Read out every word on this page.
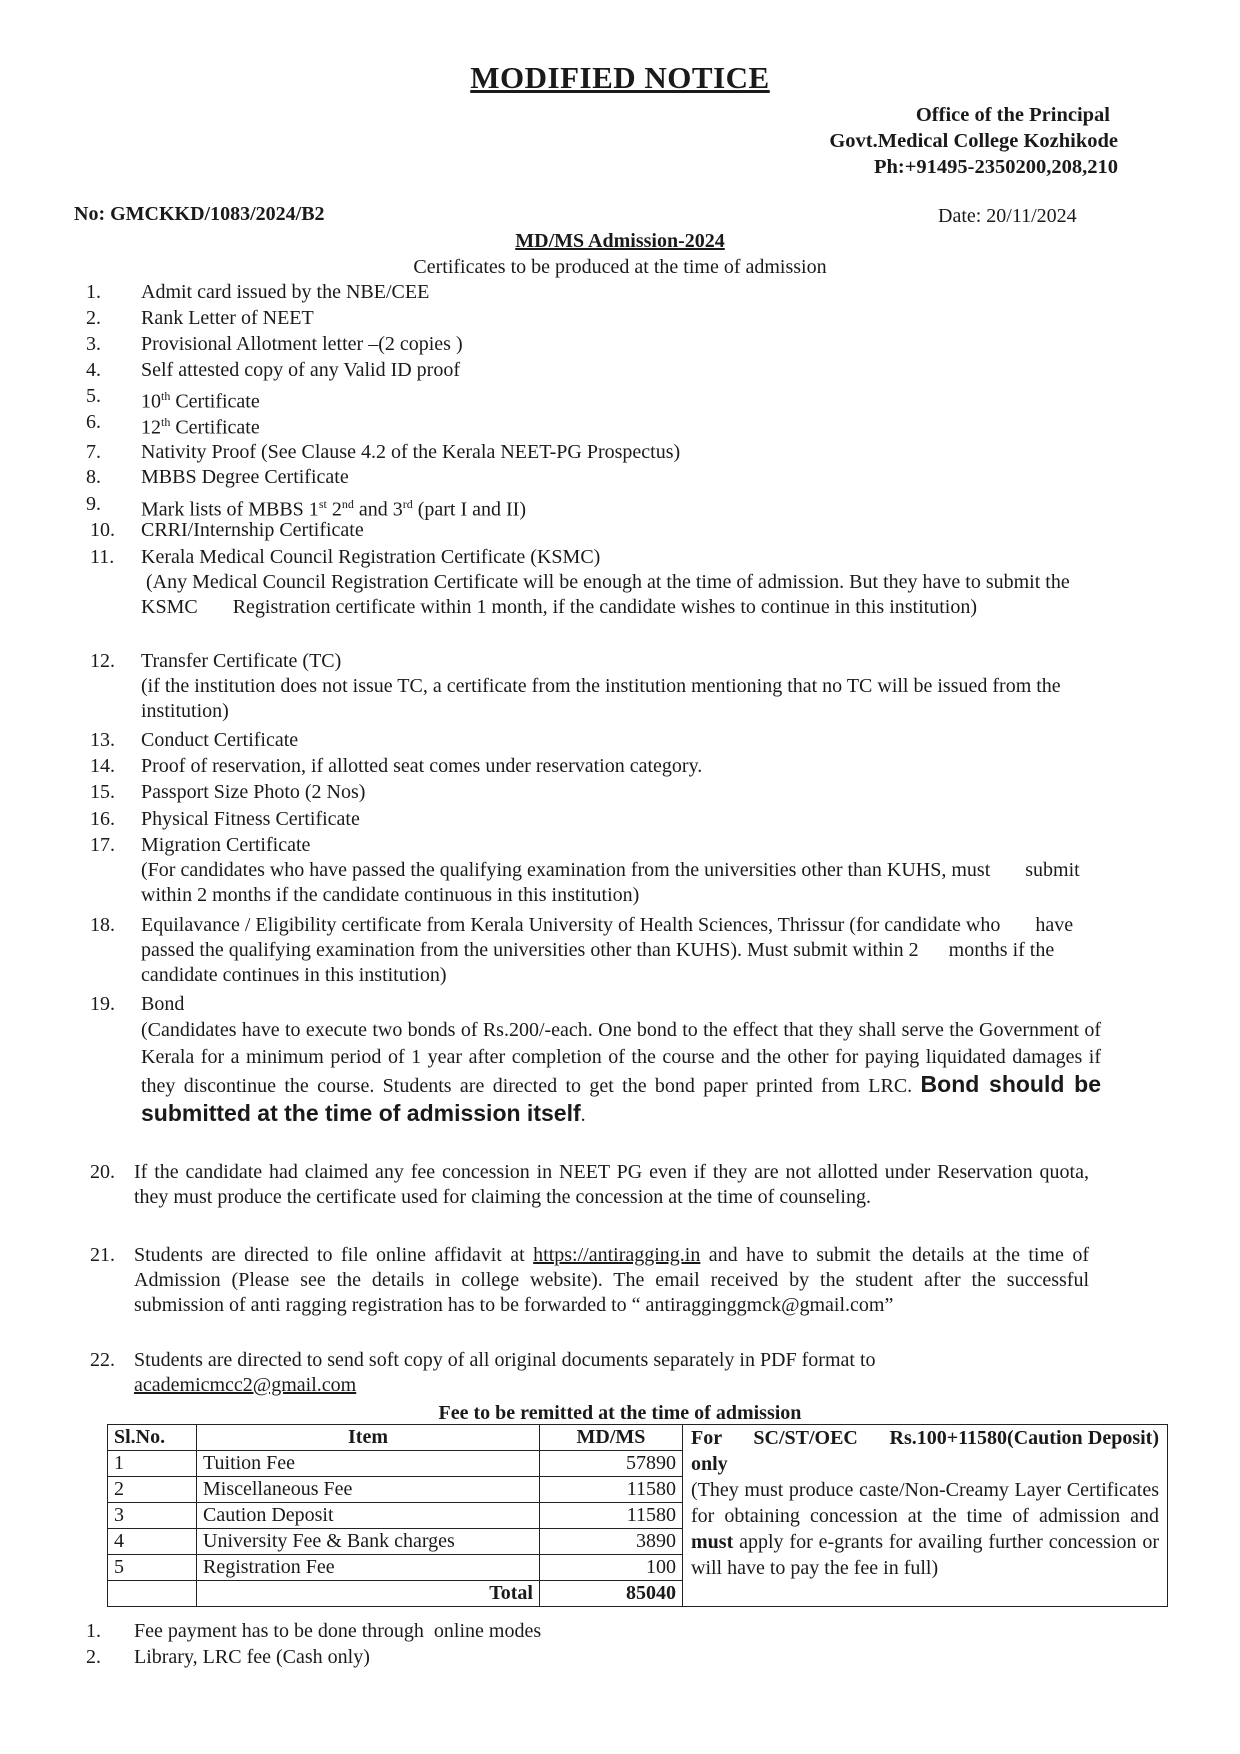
MODIFIED NOTICE
Office of the Principal
Govt.Medical College Kozhikode
Ph:+91495-2350200,208,210
No: GMCKKD/1083/2024/B2	Date: 20/11/2024
MD/MS Admission-2024
Certificates to be produced at the time of admission
1.	Admit card issued by the NBE/CEE
2.	Rank Letter of NEET
3.	Provisional Allotment letter –(2 copies )
4.	Self attested copy of any Valid ID proof
5.	10th Certificate
6.	12th Certificate
7.	Nativity Proof (See Clause 4.2 of the Kerala NEET-PG Prospectus)
8.	MBBS Degree Certificate
9.	Mark lists of MBBS 1st 2nd and 3rd (part I and II)
10.	CRRI/Internship Certificate
11.	Kerala Medical Council Registration Certificate (KSMC)
(Any Medical Council Registration Certificate will be enough at the time of admission. But they have to submit the KSMC       Registration certificate within 1 month, if the candidate wishes to continue in this institution)
12.	Transfer Certificate (TC)
(if the institution does not issue TC, a certificate from the institution mentioning that no TC will be issued from the institution)
13.	Conduct Certificate
14.	Proof of reservation, if allotted seat comes under reservation category.
15.	Passport Size Photo (2 Nos)
16.	Physical Fitness Certificate
17.	Migration Certificate
(For candidates who have passed the qualifying examination from the universities other than KUHS, must       submit within 2 months if the candidate continuous in this institution)
18.	Equilavance / Eligibility certificate from Kerala University of Health Sciences, Thrissur (for candidate who       have passed the qualifying examination from the universities other than KUHS). Must submit within 2      months if the candidate continues in this institution)
19.	Bond
(Candidates have to execute two bonds of Rs.200/-each. One bond to the effect that they shall serve the Government of Kerala for a minimum period of 1 year after completion of the course and the other for paying liquidated damages if they discontinue the course. Students are directed to get the bond paper printed from LRC. Bond should be submitted at the time of admission itself.
20. If the candidate had claimed any fee concession in NEET PG even if they are not allotted under Reservation quota, they must produce the certificate used for claiming the concession at the time of counseling.
21. Students are directed to file online affidavit at https://antiragging.in and have to submit the details at the time of Admission (Please see the details in college website). The email received by the student after the successful submission of anti ragging registration has to be forwarded to “ antiragginggmck@gmail.com”
22. Students are directed to send soft copy of all original documents separately in PDF format to
academicmcc2@gmail.com
Fee to be remitted at the time of admission
Sl.No.	Item	MD/MS	For      SC/ST/OEC      Rs.100+11580(Caution Deposit) only
(They must produce caste/Non-Creamy Layer Certificates for obtaining concession at the time of admission and must apply for e-grants for availing further concession or will have to pay the fee in full)
1	Tuition Fee	57890	
2	Miscellaneous Fee	11580	
3	Caution Deposit	11580	
4	University Fee & Bank charges	3890	
5	Registration Fee	100	
	Total	85040	
1. Fee payment has to be done through  online modes
2. Library, LRC fee (Cash only)
